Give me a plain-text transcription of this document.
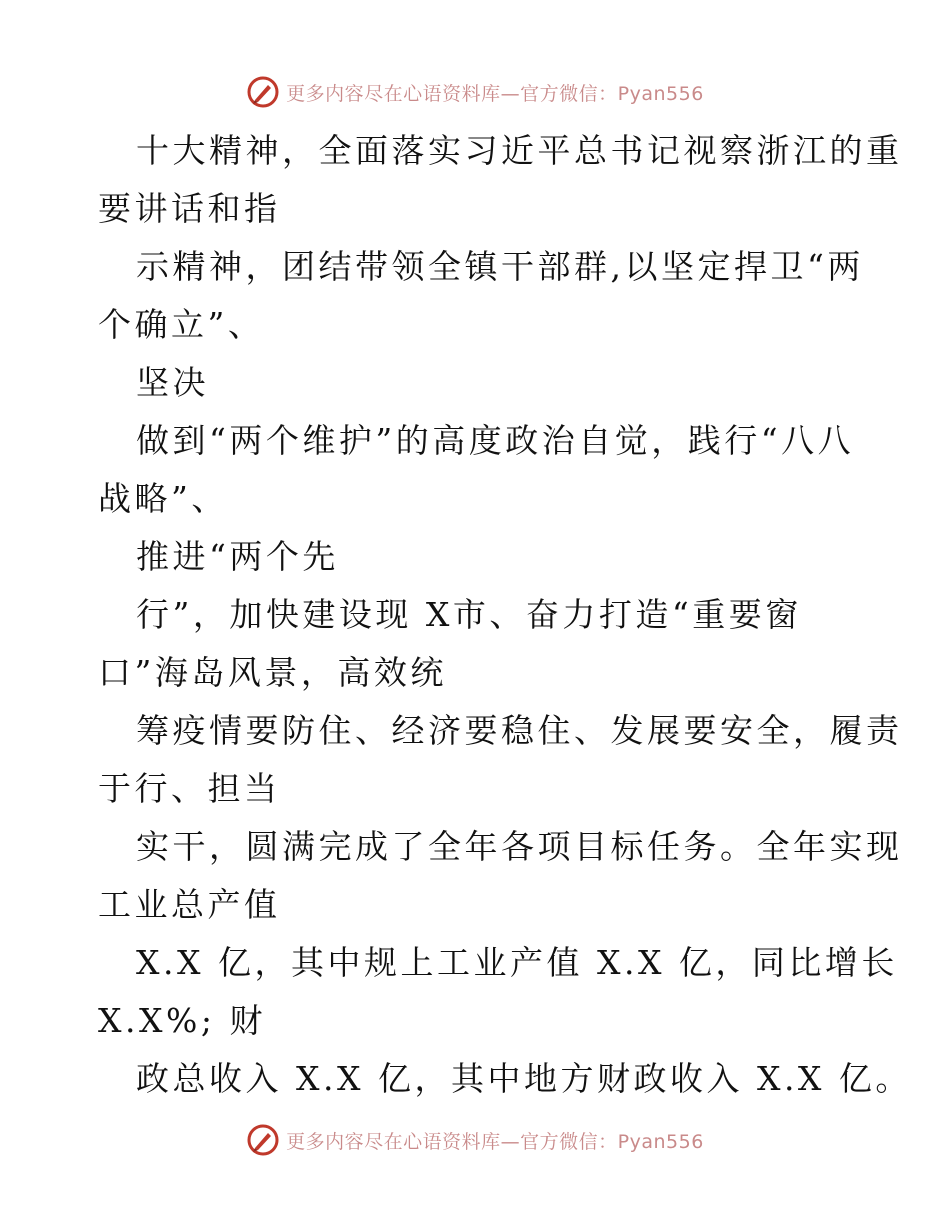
更多内容尽在心语资料库—官方微信：Pyan556
十大精神，全面落实习近平总书记视察浙江的重
要讲话和指
示精神，团结带领全镇干部群,以坚定捍卫“两
个确立”、
坚决
做到“两个维护”的高度政治自觉，践行“八八
战略”、
推进“两个先
行”，加快建设现 X市、奋力打造“重要窗
口”海岛风景，高效统
筹疫情要防住、经济要稳住、发展要安全，履责
于行、担当
实干，圆满完成了全年各项目标任务。全年实现
工业总产值
X.X 亿，其中规上工业产值 X.X 亿，同比增长
X.X%; 财
政总收入 X.X 亿，其中地方财政收入 X.X 亿。
更多内容尽在心语资料库—官方微信：Pyan556
